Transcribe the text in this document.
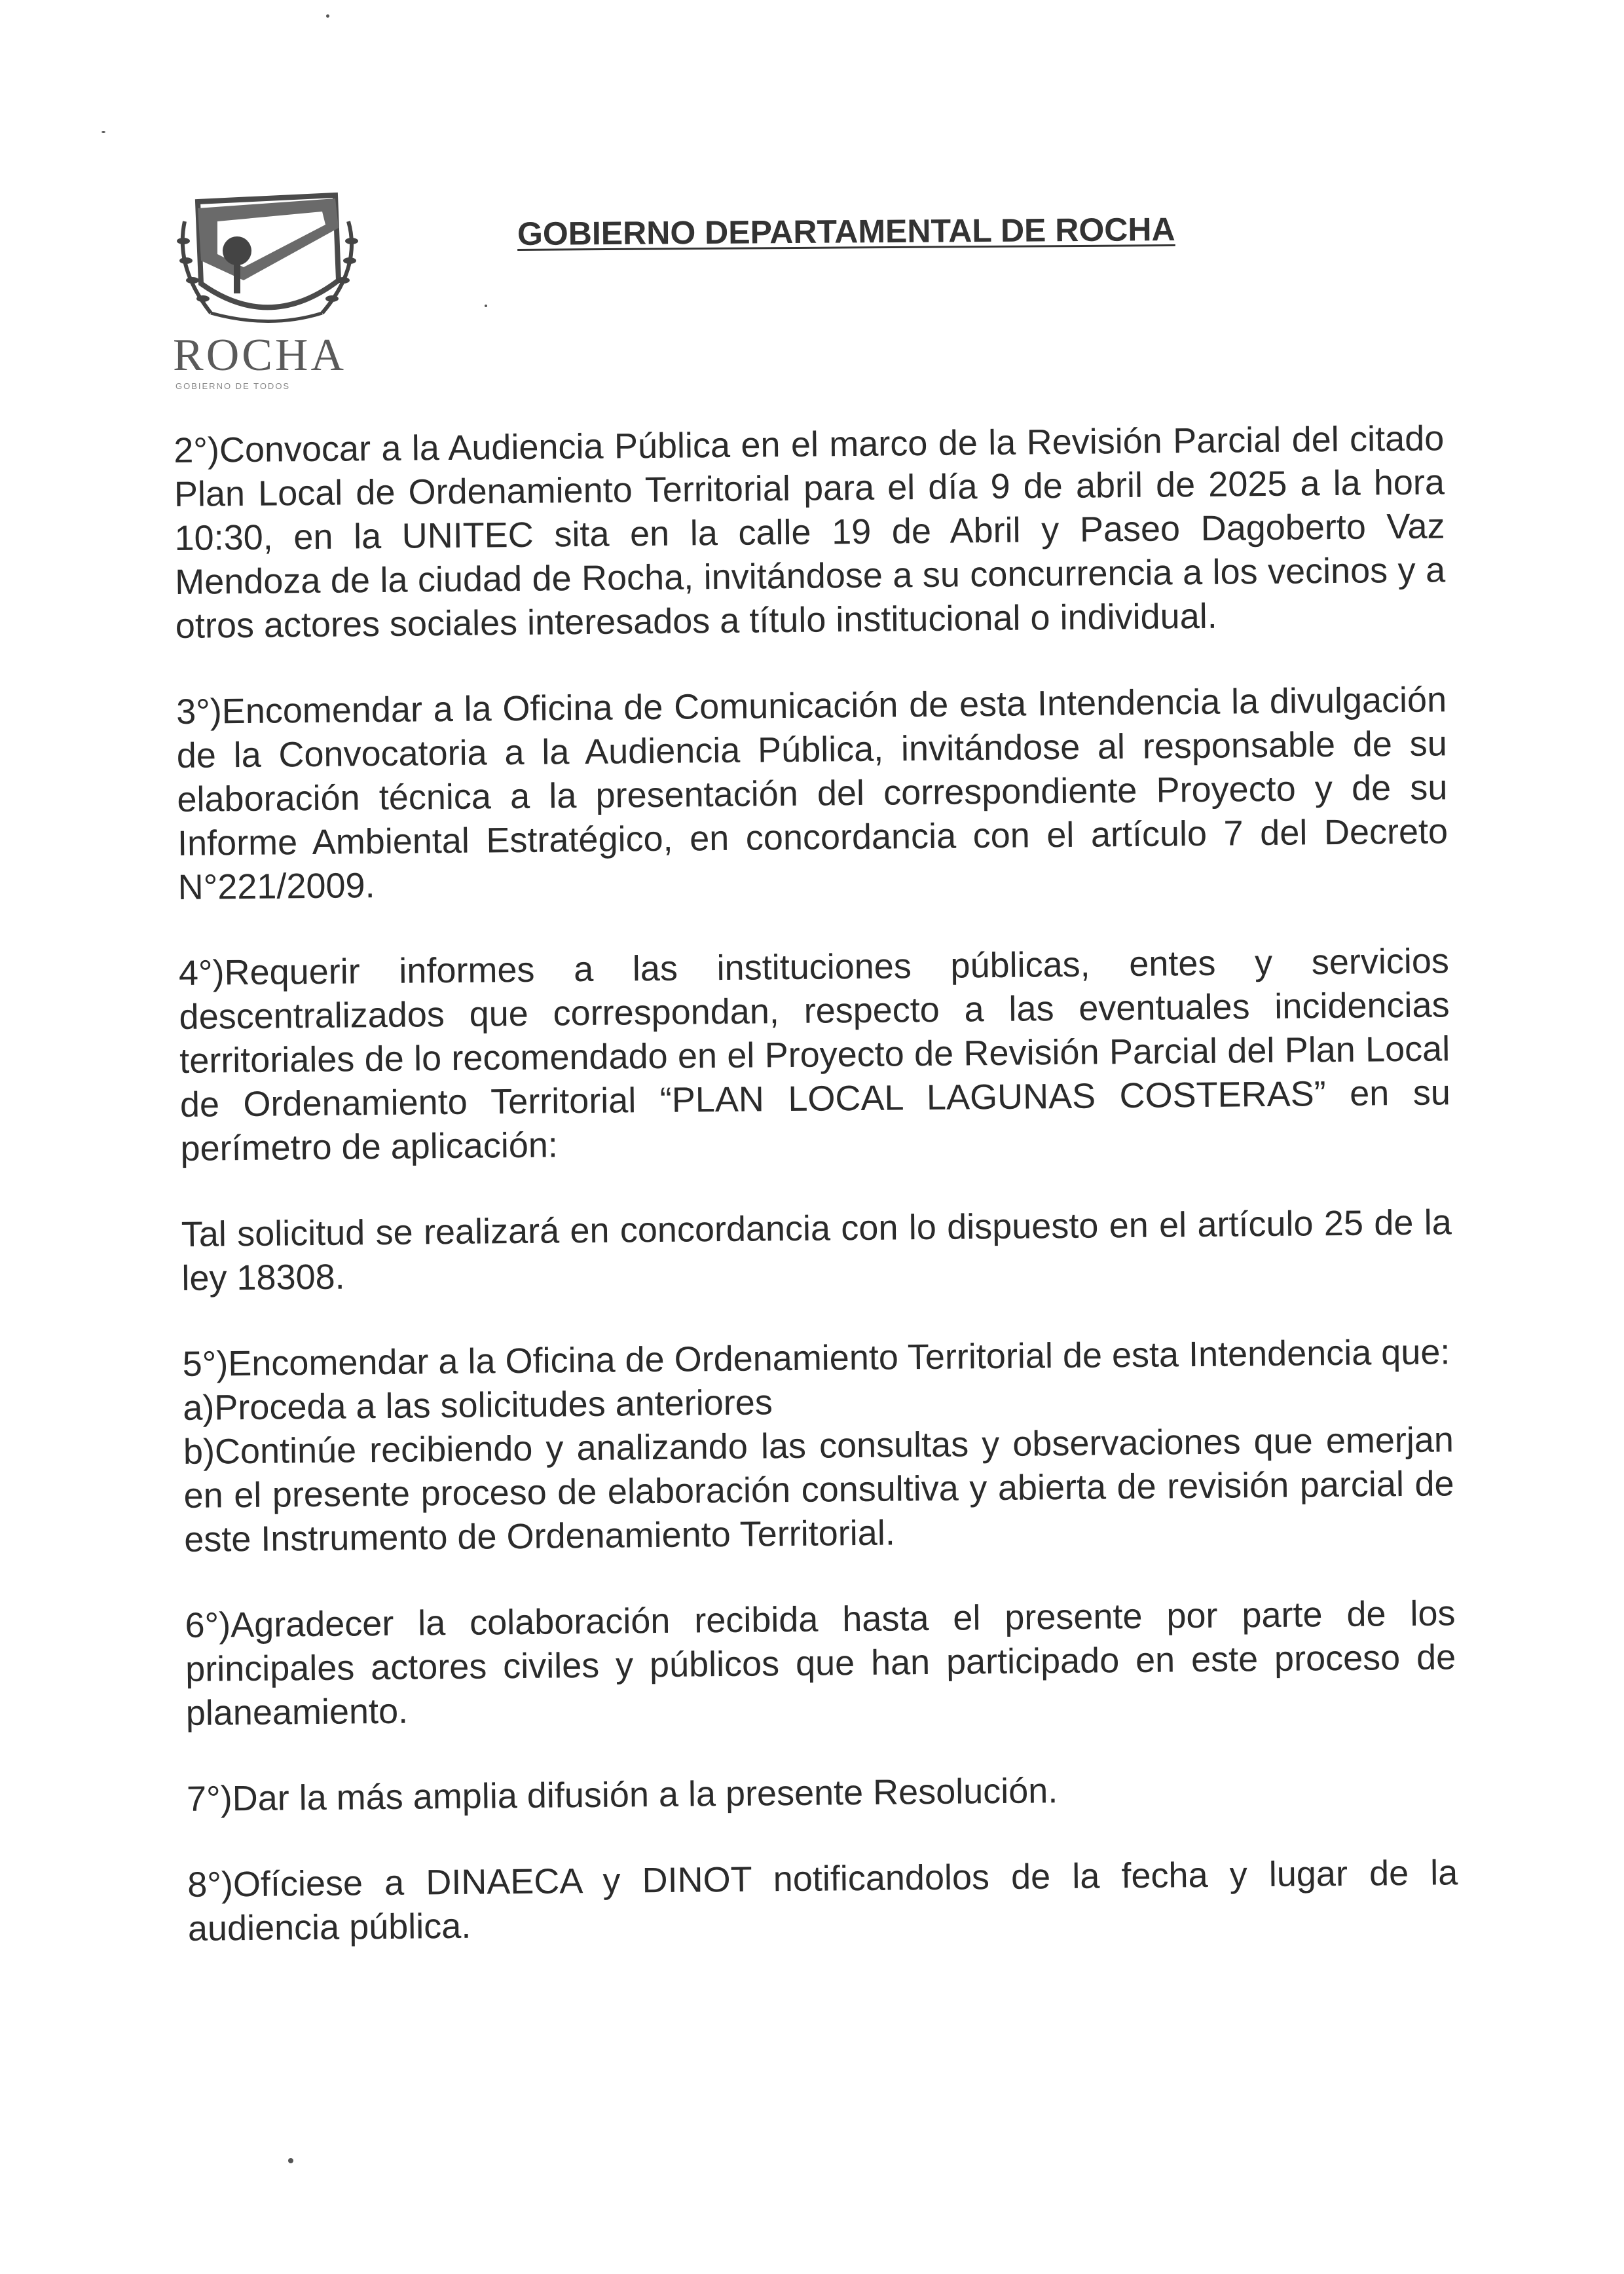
ROCHA
GOBIERNO DE TODOS
GOBIERNO DEPARTAMENTAL DE ROCHA

2°)Convocar a la Audiencia Pública en el marco de la Revisión Parcial del citado Plan Local de Ordenamiento Territorial para el día 9 de abril de 2025 a la hora 10:30, en la UNITEC sita en la calle 19 de Abril y Paseo Dagoberto Vaz Mendoza de la ciudad de Rocha, invitándose a su concurrencia a los vecinos y a otros actores sociales interesados a título institucional o individual.

3°)Encomendar a la Oficina de Comunicación de esta Intendencia la divulgación de la Convocatoria a la Audiencia Pública, invitándose al responsable de su elaboración técnica a la presentación del correspondiente Proyecto y de su Informe Ambiental Estratégico, en concordancia con el artículo 7 del Decreto N°221/2009.

4°)Requerir informes a las instituciones públicas, entes y servicios descentralizados que correspondan, respecto a las eventuales incidencias territoriales de lo recomendado en el Proyecto de Revisión Parcial del Plan Local de Ordenamiento Territorial “PLAN LOCAL LAGUNAS COSTERAS” en su perímetro de aplicación:

Tal solicitud se realizará en concordancia con lo dispuesto en el artículo 25 de la ley 18308.

5°)Encomendar a la Oficina de Ordenamiento Territorial de esta Intendencia que:

a)Proceda a las solicitudes anteriores

b)Continúe recibiendo y analizando las consultas y observaciones que emerjan en el presente proceso de elaboración consultiva y abierta de revisión parcial de este Instrumento de Ordenamiento Territorial.

6°)Agradecer la colaboración recibida hasta el presente por parte de los principales actores civiles y públicos que han participado en este proceso de planeamiento.

7°)Dar la más amplia difusión a la presente Resolución.

8°)Ofíciese a DINAECA y DINOT notificandolos de la fecha y lugar de la audiencia pública.
